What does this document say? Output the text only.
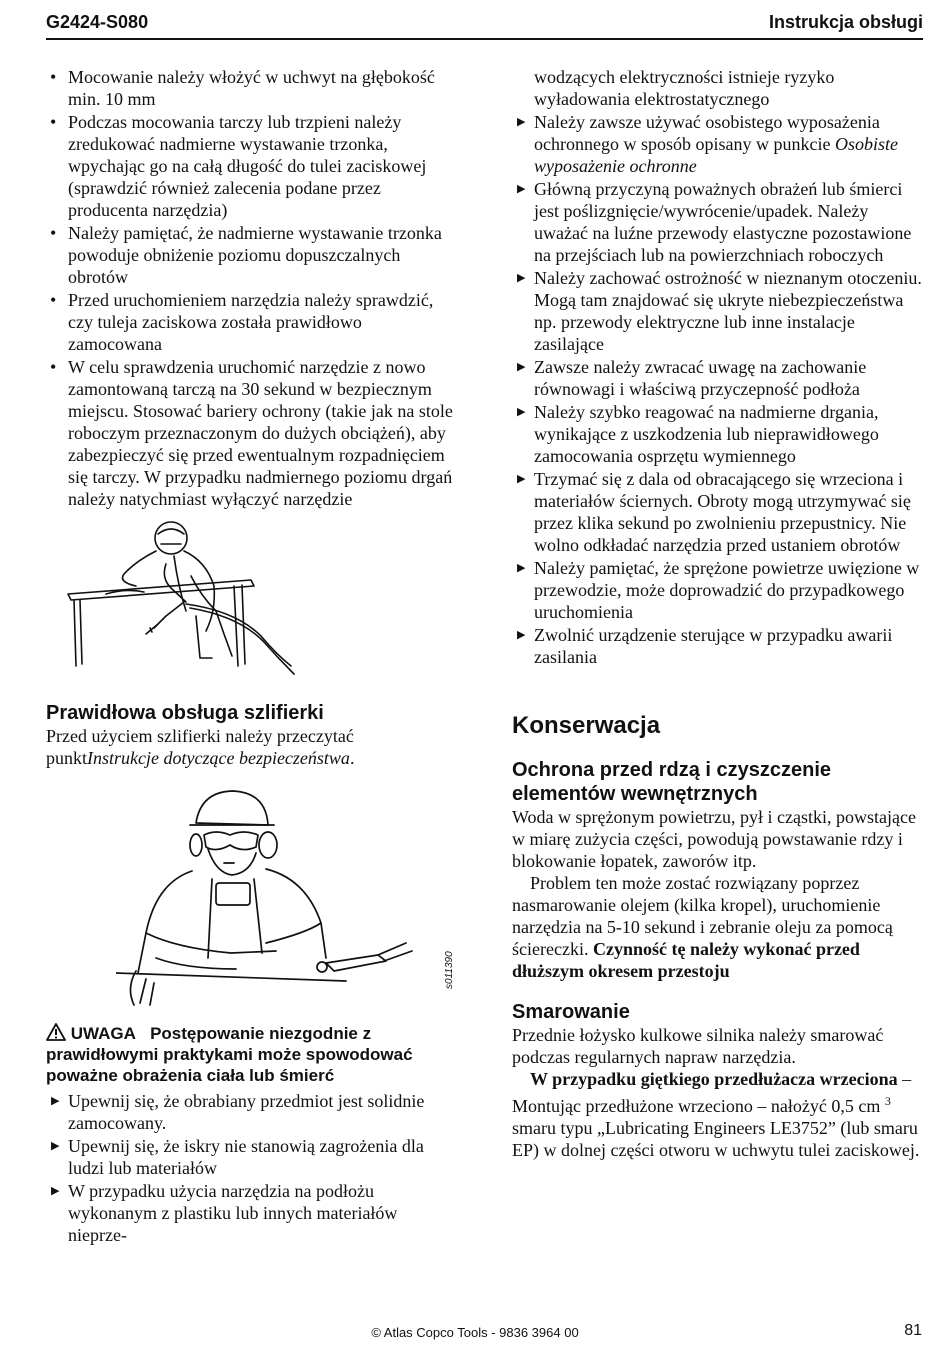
G2424-S080	Instrukcja obsługi
• Mocowanie należy włożyć w uchwyt na głębokość min. 10 mm
• Podczas mocowania tarczy lub trzpieni należy zredukować nadmierne wystawanie trzonka, wpychając go na całą długość do tulei zaciskowej (sprawdzić również zalecenia podane przez producenta narzędzia)
• Należy pamiętać, że nadmierne wystawanie trzonka powoduje obniżenie poziomu dopuszczalnych obrotów
• Przed uruchomieniem narzędzia należy sprawdzić, czy tuleja zaciskowa została prawidłowo zamocowana
• W celu sprawdzenia uruchomić narzędzie z nowo zamontowaną tarczą na 30 sekund w bezpiecznym miejscu. Stosować bariery ochrony (takie jak na stole roboczym przeznaczonym do dużych obciążeń), aby zabezpieczyć się przed ewentualnym rozpadnięciem się tarczy. W przypadku nadmiernego poziomu drgań należy natychmiast wyłączyć narzędzie
Prawidłowa obsługa szlifierki
Przed użyciem szlifierki należy przeczytać punktInstrukcje dotyczące bezpieczeństwa.
s011390
UWAGA Postępowanie niezgodnie z prawidłowymi praktykami może spowodować poważne obrażenia ciała lub śmierć
▶ Upewnij się, że obrabiany przedmiot jest solidnie zamocowany.
▶ Upewnij się, że iskry nie stanowią zagrożenia dla ludzi lub materiałów
▶ W przypadku użycia narzędzia na podłożu wykonanym z plastiku lub innych materiałów nieprze-
wodzących elektryczności istnieje ryzyko wyładowania elektrostatycznego
▶ Należy zawsze używać osobistego wyposażenia ochronnego w sposób opisany w punkcie Osobiste wyposażenie ochronne
▶ Główną przyczyną poważnych obrażeń lub śmierci jest poślizgnięcie/wywrócenie/upadek. Należy uważać na luźne przewody elastyczne pozostawione na przejściach lub na powierzchniach roboczych
▶ Należy zachować ostrożność w nieznanym otoczeniu. Mogą tam znajdować się ukryte niebezpieczeństwa np. przewody elektryczne lub inne instalacje zasilające
▶ Zawsze należy zwracać uwagę na zachowanie równowagi i właściwą przyczepność podłoża
▶ Należy szybko reagować na nadmierne drgania, wynikające z uszkodzenia lub nieprawidłowego zamocowania osprzętu wymiennego
▶ Trzymać się z dala od obracającego się wrzeciona i materiałów ściernych. Obroty mogą utrzymywać się przez klika sekund po zwolnieniu przepustnicy. Nie wolno odkładać narzędzia przed ustaniem obrotów
▶ Należy pamiętać, że sprężone powietrze uwięzione w przewodzie, może doprowadzić do przypadkowego uruchomienia
▶ Zwolnić urządzenie sterujące w przypadku awarii zasilania
Konserwacja
Ochrona przed rdzą i czyszczenie elementów wewnętrznych
Woda w sprężonym powietrzu, pył i cząstki, powstające w miarę zużycia części, powodują powstawanie rdzy i blokowanie łopatek, zaworów itp.
Problem ten może zostać rozwiązany poprzez nasmarowanie olejem (kilka kropel), uruchomienie narzędzia na 5-10 sekund i zebranie oleju za pomocą ściereczki. Czynność tę należy wykonać przed dłuższym okresem przestoju
Smarowanie
Przednie łożysko kulkowe silnika należy smarować podczas regularnych napraw narzędzia.
W przypadku giętkiego przedłużacza wrzeciona – Montując przedłużone wrzeciono – nałożyć 0,5 cm $^3$ smaru typu „Lubricating Engineers LE3752” (lub smaru EP) w dolnej części otworu w uchwytu tulei zaciskowej.
© Atlas Copco Tools - 9836 3964 00	81
